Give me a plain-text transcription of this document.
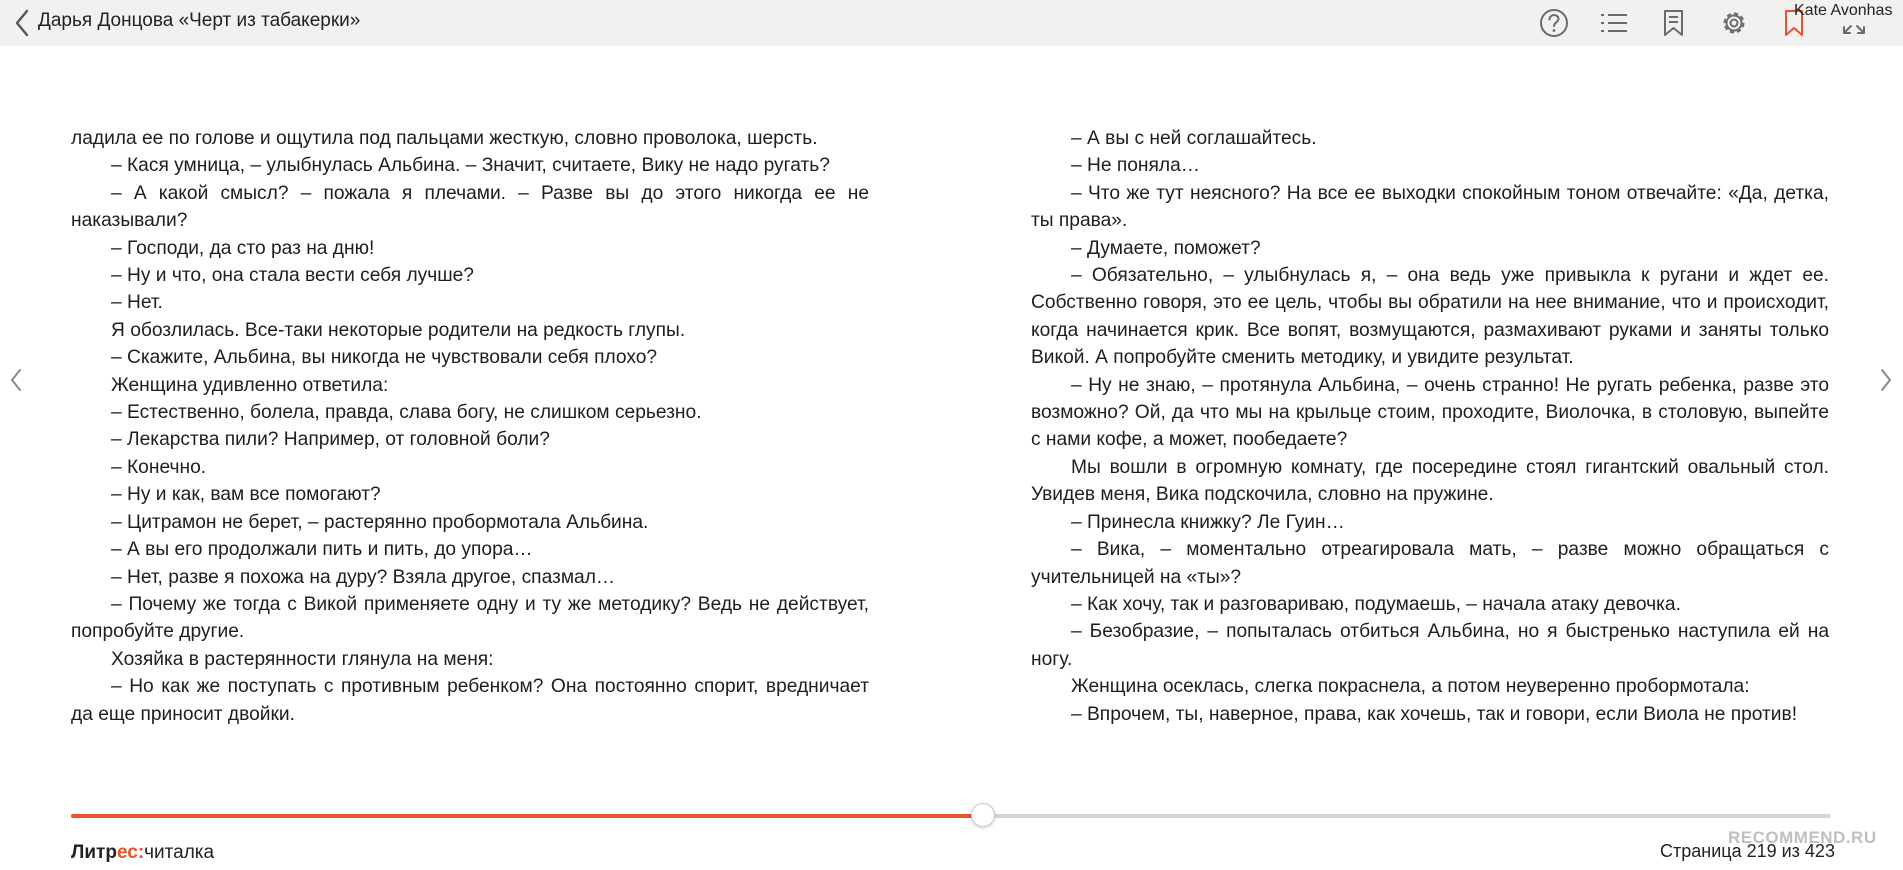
Дарья Донцова «Черт из табакерки»	Kate Avonhas

ладила ее по голове и ощутила под пальцами жесткую, словно проволока, шерсть.

– Кася умница, – улыбнулась Альбина. – Значит, считаете, Вику не надо ругать?

– А какой смысл? – пожала я плечами. – Разве вы до этого никогда ее не наказывали?

– Господи, да сто раз на дню!

– Ну и что, она стала вести себя лучше?

– Нет.

Я обозлилась. Все-таки некоторые родители на редкость глупы.

– Скажите, Альбина, вы никогда не чувствовали себя плохо?

Женщина удивленно ответила:

– Естественно, болела, правда, слава богу, не слишком серьезно.

– Лекарства пили? Например, от головной боли?

– Конечно.

– Ну и как, вам все помогают?

– Цитрамон не берет, – растерянно пробормотала Альбина.

– А вы его продолжали пить и пить, до упора…

– Нет, разве я похожа на дуру? Взяла другое, спазмал…

– Почему же тогда с Викой применяете одну и ту же методику? Ведь не действует, попробуйте другие.

Хозяйка в растерянности глянула на меня:

– Но как же поступать с противным ребенком? Она постоянно спорит, вредничает да еще приносит двойки.

– А вы с ней соглашайтесь.

– Не поняла…

– Что же тут неясного? На все ее выходки спокойным тоном отвечайте: «Да, детка, ты права».

– Думаете, поможет?

– Обязательно, – улыбнулась я, – она ведь уже привыкла к ругани и ждет ее. Собственно говоря, это ее цель, чтобы вы обратили на нее внимание, что и происходит, когда начинается крик. Все вопят, возмущаются, размахивают руками и заняты только Викой. А попробуйте сменить методику, и увидите результат.

– Ну не знаю, – протянула Альбина, – очень странно! Не ругать ребенка, разве это возможно? Ой, да что мы на крыльце стоим, проходите, Виолочка, в столовую, выпейте с нами кофе, а может, пообедаете?

Мы вошли в огромную комнату, где посередине стоял гигантский овальный стол. Увидев меня, Вика подскочила, словно на пружине.

– Принесла книжку? Ле Гуин…

– Вика, – моментально отреагировала мать, – разве можно обращаться с учительницей на «ты»?

– Как хочу, так и разговариваю, подумаешь, – начала атаку девочка.

– Безобразие, – попыталась отбиться Альбина, но я быстренько наступила ей на ногу.

Женщина осеклась, слегка покраснела, а потом неуверенно пробормотала:

– Впрочем, ты, наверное, права, как хочешь, так и говори, если Виола не против!

Литрес:читалка	Страница 219 из 423
RECOMMEND.RU
